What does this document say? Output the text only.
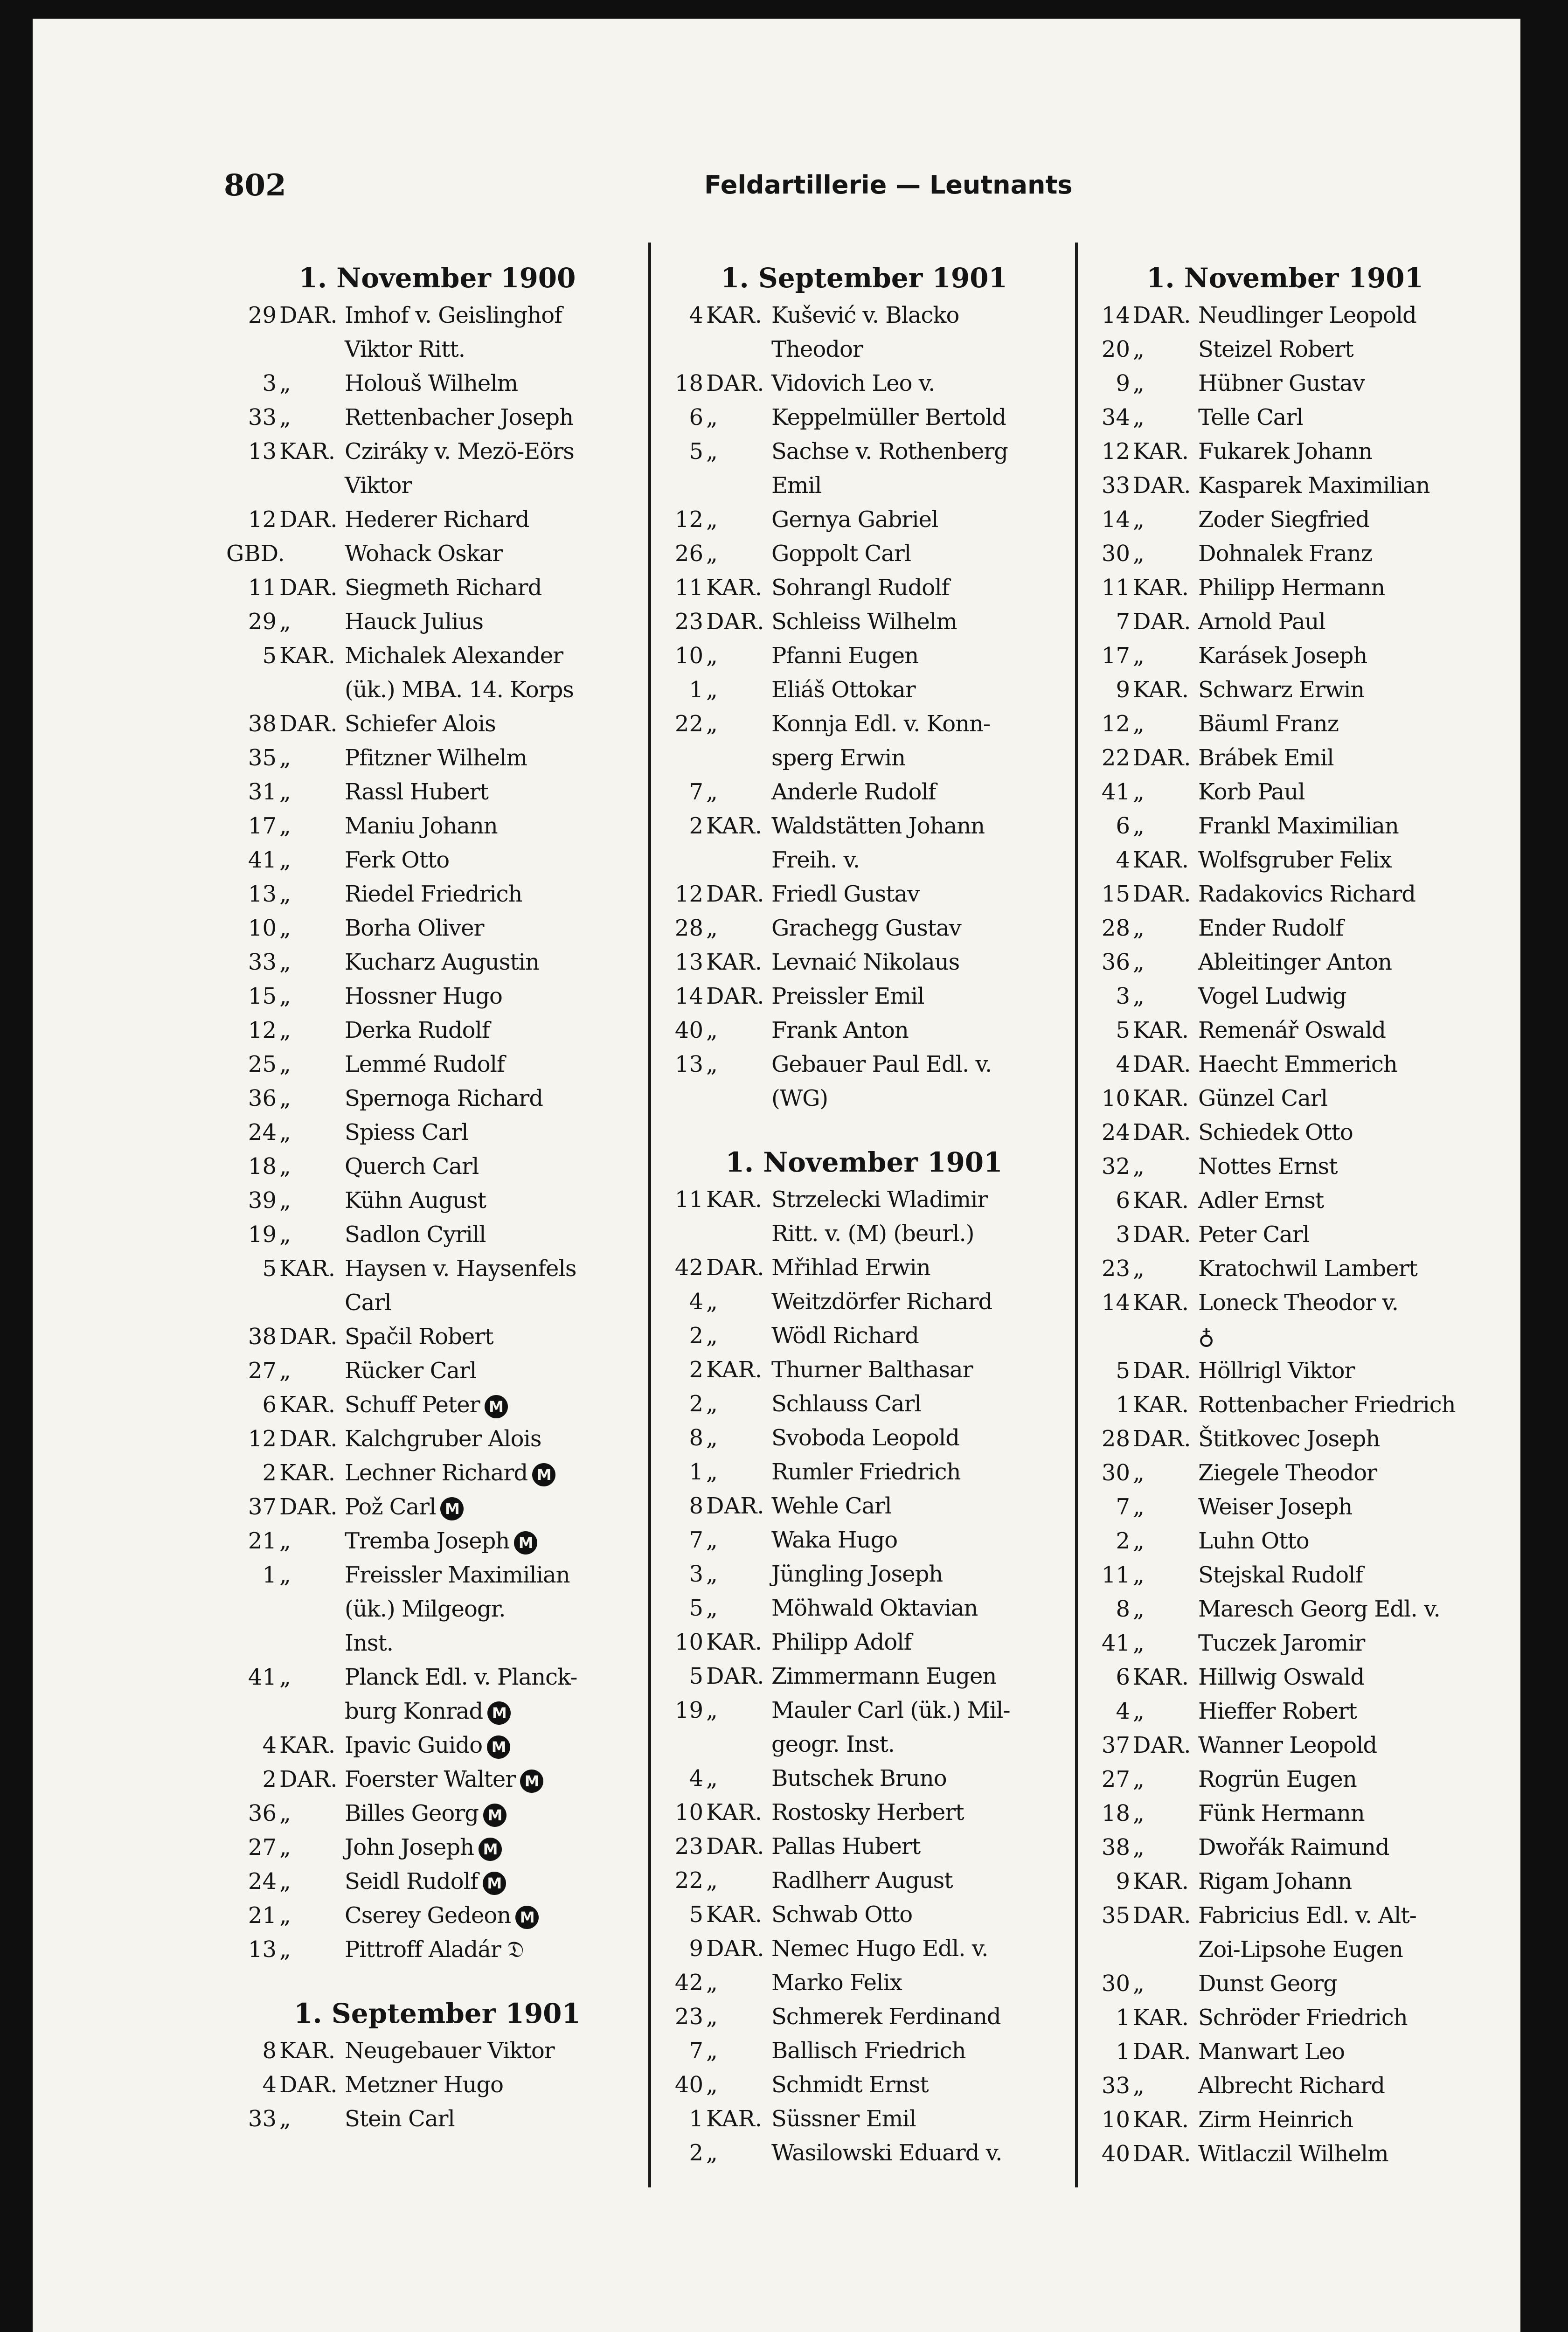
802	Feldartillerie — Leutnants
1. November 1900
29 DAR. Imhof v. Geislinghof
Viktor Ritt.
3 „	Holouš Wilhelm
33 „	Rettenbacher Joseph
13 KAR. Cziráky v. Mezö-Eörs
Viktor
12 DAR. Hederer Richard
GBD.	Wohack Oskar
11 DAR. Siegmeth Richard
29 „	Hauck Julius
5 KAR. Michalek Alexander
(ük.) MBA. 14. Korps
38 DAR. Schiefer Alois
35 „	Pfitzner Wilhelm
31 „	Rassl Hubert
17 „	Maniu Johann
41 „	Ferk Otto
13 „	Riedel Friedrich
10 „	Borha Oliver
33 „	Kucharz Augustin
15 „	Hossner Hugo
12 „	Derka Rudolf
25 „	Lemmé Rudolf
36 „	Spernoga Richard
24 „	Spiess Carl
18 „	Querch Carl
39 „	Kühn August
19 „	Sadlon Cyrill
5 KAR. Haysen v. Haysenfels
Carl
38 DAR. Spačil Robert
27 „	Rücker Carl
6 KAR. Schuff Peter M
12 DAR. Kalchgruber Alois
2 KAR. Lechner Richard M
37 DAR. Pož Carl M
21 „	Tremba Joseph M
1 „	Freissler Maximilian
(ük.) Milgeogr.
Inst.
41 „	Planck Edl. v. Planck-
burg Konrad M
4 KAR. Ipavic Guido M
2 DAR. Foerster Walter M
36 „	Billes Georg M
27 „	John Joseph M
24 „	Seidl Rudolf M
21 „	Cserey Gedeon M
13 „	Pittroff Aladár 𝔇
1. September 1901
8 KAR. Neugebauer Viktor
4 DAR. Metzner Hugo
33 „	Stein Carl
1. September 1901
4 KAR. Kušević v. Blacko
Theodor
18 DAR. Vidovich Leo v.
6 „	Keppelmüller Bertold
5 „	Sachse v. Rothenberg
Emil
12 „	Gernya Gabriel
26 „	Goppolt Carl
11 KAR. Sohrangl Rudolf
23 DAR. Schleiss Wilhelm
10 „	Pfanni Eugen
1 „	Eliáš Ottokar
22 „	Konnja Edl. v. Konn-
sperg Erwin
7 „	Anderle Rudolf
2 KAR. Waldstätten Johann
Freih. v.
12 DAR. Friedl Gustav
28 „	Grachegg Gustav
13 KAR. Levnaić Nikolaus
14 DAR. Preissler Emil
40 „	Frank Anton
13 „	Gebauer Paul Edl. v.
(WG)
1. November 1901
11 KAR. Strzelecki Wladimir
Ritt. v. (M) (beurl.)
42 DAR. Mřihlad Erwin
4 „	Weitzdörfer Richard
2 „	Wödl Richard
2 KAR. Thurner Balthasar
2 „	Schlauss Carl
8 „	Svoboda Leopold
1 „	Rumler Friedrich
8 DAR. Wehle Carl
7 „	Waka Hugo
3 „	Jüngling Joseph
5 „	Möhwald Oktavian
10 KAR. Philipp Adolf
5 DAR. Zimmermann Eugen
19 „	Mauler Carl (ük.) Mil-
geogr. Inst.
4 „	Butschek Bruno
10 KAR. Rostosky Herbert
23 DAR. Pallas Hubert
22 „	Radlherr August
5 KAR. Schwab Otto
9 DAR. Nemec Hugo Edl. v.
42 „	Marko Felix
23 „	Schmerek Ferdinand
7 „	Ballisch Friedrich
40 „	Schmidt Ernst
1 KAR. Süssner Emil
2 „	Wasilowski Eduard v.
1. November 1901
14 DAR. Neudlinger Leopold
20 „	Steizel Robert
9 „	Hübner Gustav
34 „	Telle Carl
12 KAR. Fukarek Johann
33 DAR. Kasparek Maximilian
14 „	Zoder Siegfried
30 „	Dohnalek Franz
11 KAR. Philipp Hermann
7 DAR. Arnold Paul
17 „	Karásek Joseph
9 KAR. Schwarz Erwin
12 „	Bäuml Franz
22 DAR. Brábek Emil
41 „	Korb Paul
6 „	Frankl Maximilian
4 KAR. Wolfsgruber Felix
15 DAR. Radakovics Richard
28 „	Ender Rudolf
36 „	Ableitinger Anton
3 „	Vogel Ludwig
5 KAR. Remenář Oswald
4 DAR. Haecht Emmerich
10 KAR. Günzel Carl
24 DAR. Schiedek Otto
32 „	Nottes Ernst
6 KAR. Adler Ernst
3 DAR. Peter Carl
23 „	Kratochwil Lambert
14 KAR. Loneck Theodor v.
♁
5 DAR. Höllrigl Viktor
1 KAR. Rottenbacher Friedrich
28 DAR. Štitkovec Joseph
30 „	Ziegele Theodor
7 „	Weiser Joseph
2 „	Luhn Otto
11 „	Stejskal Rudolf
8 „	Maresch Georg Edl. v.
41 „	Tuczek Jaromir
6 KAR. Hillwig Oswald
4 „	Hieffer Robert
37 DAR. Wanner Leopold
27 „	Rogrün Eugen
18 „	Fünk Hermann
38 „	Dwořák Raimund
9 KAR. Rigam Johann
35 DAR. Fabricius Edl. v. Alt-
Zoi-Lipsohe Eugen
30 „	Dunst Georg
1 KAR. Schröder Friedrich
1 DAR. Manwart Leo
33 „	Albrecht Richard
10 KAR. Zirm Heinrich
40 DAR. Witlaczil Wilhelm
